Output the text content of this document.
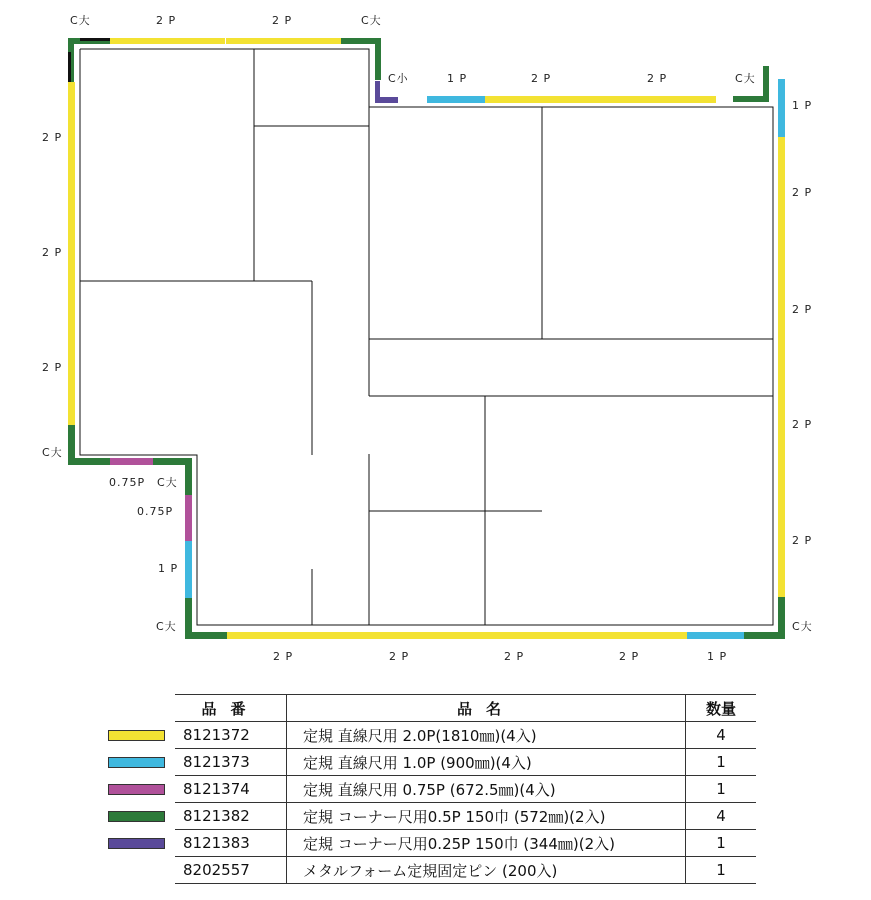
C大	2 P	2 P	C大
C小	1 P	2 P	2 P	C大
2 P
2 P
2 P
C大
0.75P C大
0.75P
1 P
C大
1 P
2 P
2 P
2 P
2 P
C大
2 P	2 P	2 P	2 P	1 P
	品番	品名	数量
	8121372	定規 直線尺用 2.0P(1810㎜)(4入)	4
	8121373	定規 直線尺用 1.0P (900㎜)(4入)	1
	8121374	定規 直線尺用 0.75P (672.5㎜)(4入)	1
	8121382	定規 コーナー尺用0.5P 150巾 (572㎜)(2入)	4
	8121383	定規 コーナー尺用0.25P 150巾 (344㎜)(2入)	1
	8202557	メタルフォーム定規固定ピン (200入)	1
